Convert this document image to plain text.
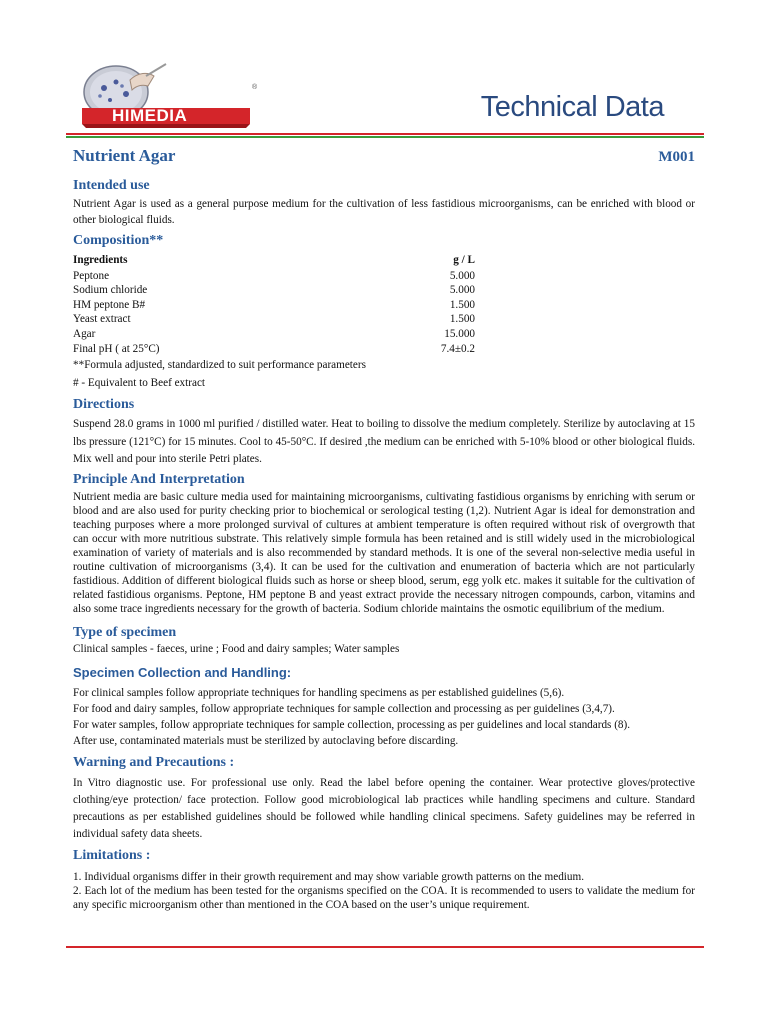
HIMEDIA
®
Technical Data
Nutrient Agar	M001
Intended use

Nutrient Agar is used as a general purpose medium for the cultivation of less fastidious microorganisms, can be enriched with blood or other biological fluids.

Composition**
Ingredients	g / L
Peptone	5.000
Sodium chloride	5.000
HM peptone B#	1.500
Yeast extract	1.500
Agar	15.000
Final pH ( at 25°C)	7.4±0.2
**Formula adjusted, standardized to suit performance parameters
# - Equivalent to Beef extract
Directions

Suspend 28.0 grams in 1000 ml purified / distilled water. Heat to boiling to dissolve the medium completely. Sterilize by autoclaving at 15 lbs pressure (121°C) for 15 minutes. Cool to 45-50°C. If desired ,the medium can be enriched with 5-10% blood or other biological fluids. Mix well and pour into sterile Petri plates.

Principle And Interpretation

Nutrient media are basic culture media used for maintaining microorganisms, cultivating fastidious organisms by enriching with serum or blood and are also used for purity checking prior to biochemical or serological testing (1,2). Nutrient Agar is ideal for demonstration and teaching purposes where a more prolonged survival of cultures at ambient temperature is often required without risk of overgrowth that can occur with more nutritious substrate. This relatively simple formula has been retained and is still widely used in the microbiological examination of variety of materials and is also recommended by standard methods. It is one of the several non-selective media useful in routine cultivation of microorganisms (3,4). It can be used for the cultivation and enumeration of bacteria which are not particularly fastidious. Addition of different biological fluids such as horse or sheep blood, serum, egg yolk etc. makes it suitable for the cultivation of related fastidious organisms. Peptone, HM peptone B and yeast extract provide the necessary nitrogen compounds, carbon, vitamins and also some trace ingredients necessary for the growth of bacteria. Sodium chloride maintains the osmotic equilibrium of the medium.

Type of specimen

Clinical samples - faeces, urine ; Food and dairy samples; Water samples

Specimen Collection and Handling:

For clinical samples follow appropriate techniques for handling specimens as per established guidelines (5,6).

For food and dairy samples, follow appropriate techniques for sample collection and processing as per guidelines (3,4,7).

For water samples, follow appropriate techniques for sample collection, processing as per guidelines and local standards (8).

After use, contaminated materials must be sterilized by autoclaving before discarding.

Warning and Precautions :

In Vitro diagnostic use. For professional use only. Read the label before opening the container. Wear protective gloves/protective clothing/eye protection/ face protection. Follow good microbiological lab practices while handling specimens and culture. Standard precautions as per established guidelines should be followed while handling clinical specimens. Safety guidelines may be referred in individual safety data sheets.

Limitations :
1. Individual organisms differ in their growth requirement and may show variable growth patterns on the medium.
2. Each lot of the medium has been tested for the organisms specified on the COA. It is recommended to users to validate the medium for any specific microorganism other than mentioned in the COA based on the user’s unique requirement.
